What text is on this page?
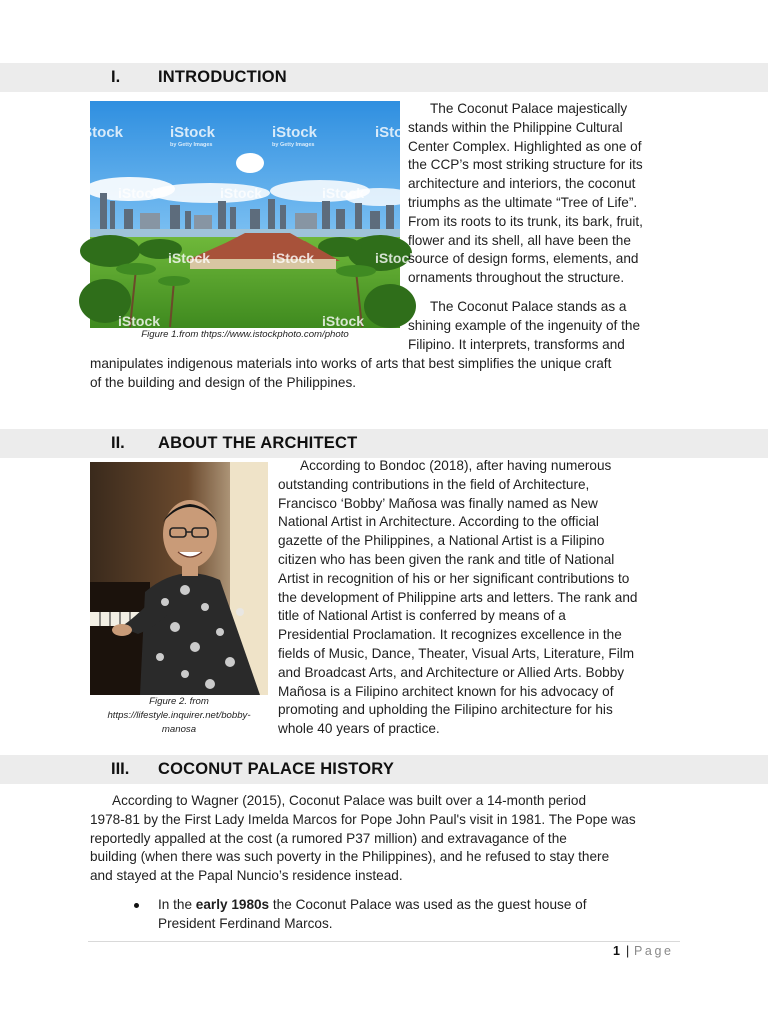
I. INTRODUCTION
iStock	iStock	iStock	iStock
by Getty Images	by Getty Images
iStock	iStock	iStock
iStock	iStock	iStock
iStock	iStock

Figure 1.from thtps://www.istockphoto.com/photo

The Coconut Palace majestically
stands within the Philippine Cultural
Center Complex. Highlighted as one of
the CCP’s most striking structure for its
architecture and interiors, the coconut
triumphs as the ultimate “Tree of Life”.
From its roots to its trunk, its bark, fruit,
flower and its shell, all have been the
source of design forms, elements, and
ornaments throughout the structure.
The Coconut Palace stands as a
shining example of the ingenuity of the
Filipino. It interprets, transforms and
manipulates indigenous materials into works of arts that best simplifies the unique craft
of the building and design of the Philippines.
II. ABOUT THE ARCHITECT
Figure 2. from
https://lifestyle.inquirer.net/bobby-
manosa
According to Bondoc (2018), after having numerous
outstanding contributions in the field of Architecture,
Francisco ‘Bobby’ Mañosa was finally named as New
National Artist in Architecture. According to the official
gazette of the Philippines, a National Artist is a Filipino
citizen who has been given the rank and title of National
Artist in recognition of his or her significant contributions to
the development of Philippine arts and letters. The rank and
title of National Artist is conferred by means of a
Presidential Proclamation. It recognizes excellence in the
fields of Music, Dance, Theater, Visual Arts, Literature, Film
and Broadcast Arts, and Architecture or Allied Arts. Bobby
Mañosa is a Filipino architect known for his advocacy of
promoting and upholding the Filipino architecture for his
whole 40 years of practice.
III. COCONUT PALACE HISTORY
According to Wagner (2015), Coconut Palace was built over a 14-month period
1978-81 by the First Lady Imelda Marcos for Pope John Paul's visit in 1981. The Pope was
reportedly appalled at the cost (a rumored P37 million) and extravagance of the
building (when there was such poverty in the Philippines), and he refused to stay there
and stayed at the Papal Nuncio’s residence instead.
In the early 1980s the Coconut Palace was used as the guest house of
President Ferdinand Marcos.
1 | Page
